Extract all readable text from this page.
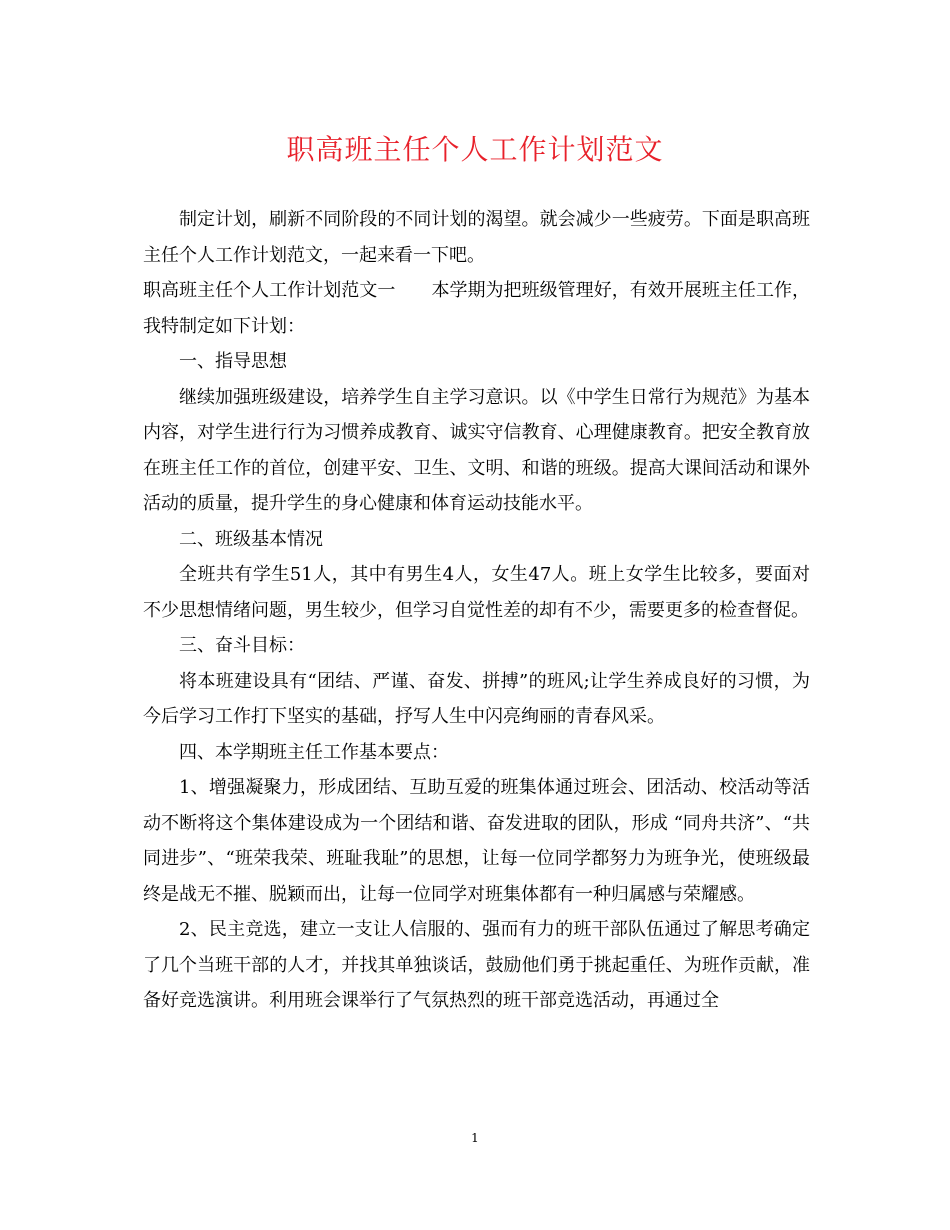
职高班主任个人工作计划范文

制定计划，刷新不同阶段的不同计划的渴望。就会减少一些疲劳。下面是职高班主任个人工作计划范文，一起来看一下吧。

职高班主任个人工作计划范文一　　本学期为把班级管理好，有效开展班主任工作，我特制定如下计划：

一、指导思想

继续加强班级建设，培养学生自主学习意识。以《中学生日常行为规范》为基本内容，对学生进行行为习惯养成教育、诚实守信教育、心理健康教育。把安全教育放在班主任工作的首位，创建平安、卫生、文明、和谐的班级。提高大课间活动和课外活动的质量，提升学生的身心健康和体育运动技能水平。

二、班级基本情况

全班共有学生51人，其中有男生4人，女生47人。班上女学生比较多，要面对不少思想情绪问题，男生较少，但学习自觉性差的却有不少，需要更多的检查督促。

三、奋斗目标：

将本班建设具有“团结、严谨、奋发、拼搏”的班风;让学生养成良好的习惯，为今后学习工作打下坚实的基础，抒写人生中闪亮绚丽的青春风采。

四、本学期班主任工作基本要点：

1、增强凝聚力，形成团结、互助互爱的班集体通过班会、团活动、校活动等活动不断将这个集体建设成为一个团结和谐、奋发进取的团队，形成 “同舟共济”、“共同进步”、“班荣我荣、班耻我耻”的思想，让每一位同学都努力为班争光，使班级最终是战无不摧、脱颖而出，让每一位同学对班集体都有一种归属感与荣耀感。

2、民主竞选，建立一支让人信服的、强而有力的班干部队伍通过了解思考确定了几个当班干部的人才，并找其单独谈话，鼓励他们勇于挑起重任、为班作贡献，准备好竞选演讲。利用班会课举行了气氛热烈的班干部竞选活动，再通过全

1
